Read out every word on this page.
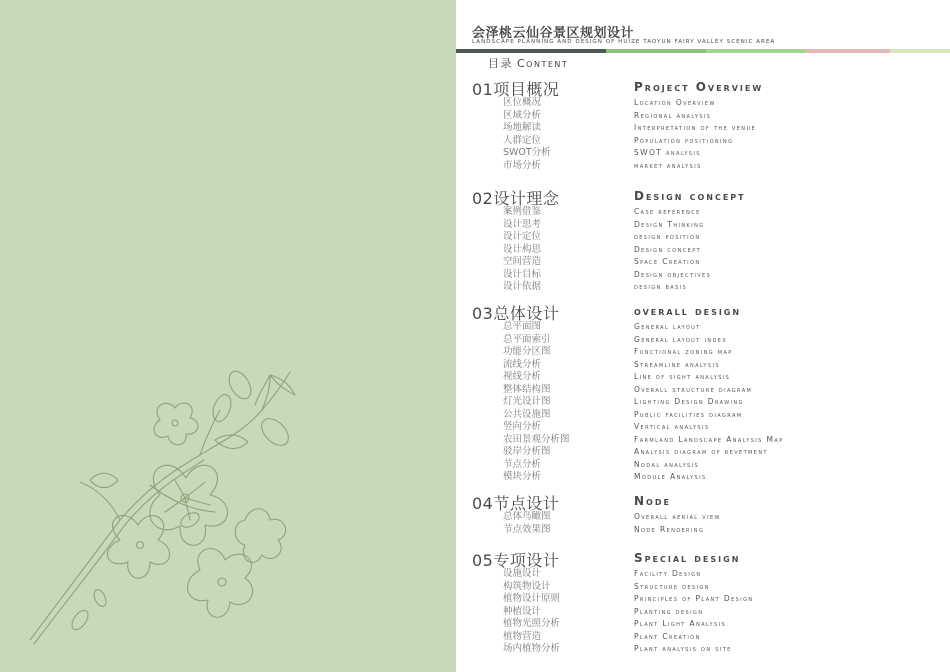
会泽桃云仙谷景区规划设计
LANDSCAPE PLANNING AND DESIGN OF HUIZE TAOYUN FAIRY VALLEY SCENIC AREA
目录 Content
01项目概况	Project Overview
区位概况	Location Overview
区域分析	Regional analysis
场地解读	Interpretation of the venue
人群定位	Population positioning
SWOT分析	SWOT analysis
市场分析	market analysis
02设计理念	Design concept
案例借鉴	Case reference
设计思考	Design Thinking
设计定位	design position
设计构思	Design concept
空间营造	Space Creation
设计目标	Design objectives
设计依据	design basis
03总体设计	overall design
总平面图	General layout
总平面索引	General layout index
功能分区图	Functional zoning map
流线分析	Streamline analysis
视线分析	Line of sight analysis
整体结构图	Overall structure diagram
灯光设计图	Lighting Design Drawing
公共设施图	Public facilities diagram
竖向分析	Vertical analysis
农田景观分析图	Farmland Landscape Analysis Map
驳岸分析图	Analysis diagram of revetment
节点分析	Nodal analysis
模块分析	Module Analysis
04节点设计	Node
总体鸟瞰图	Overall aerial view
节点效果图	Node Rendering
05专项设计	Special design
设施设计	Facility Design
构筑物设计	Structure design
植物设计原则	Principles of Plant Design
种植设计	Planting design
植物光照分析	Plant Light Analysis
植物营造	Plant Creation
场内植物分析	Plant analysis on site
